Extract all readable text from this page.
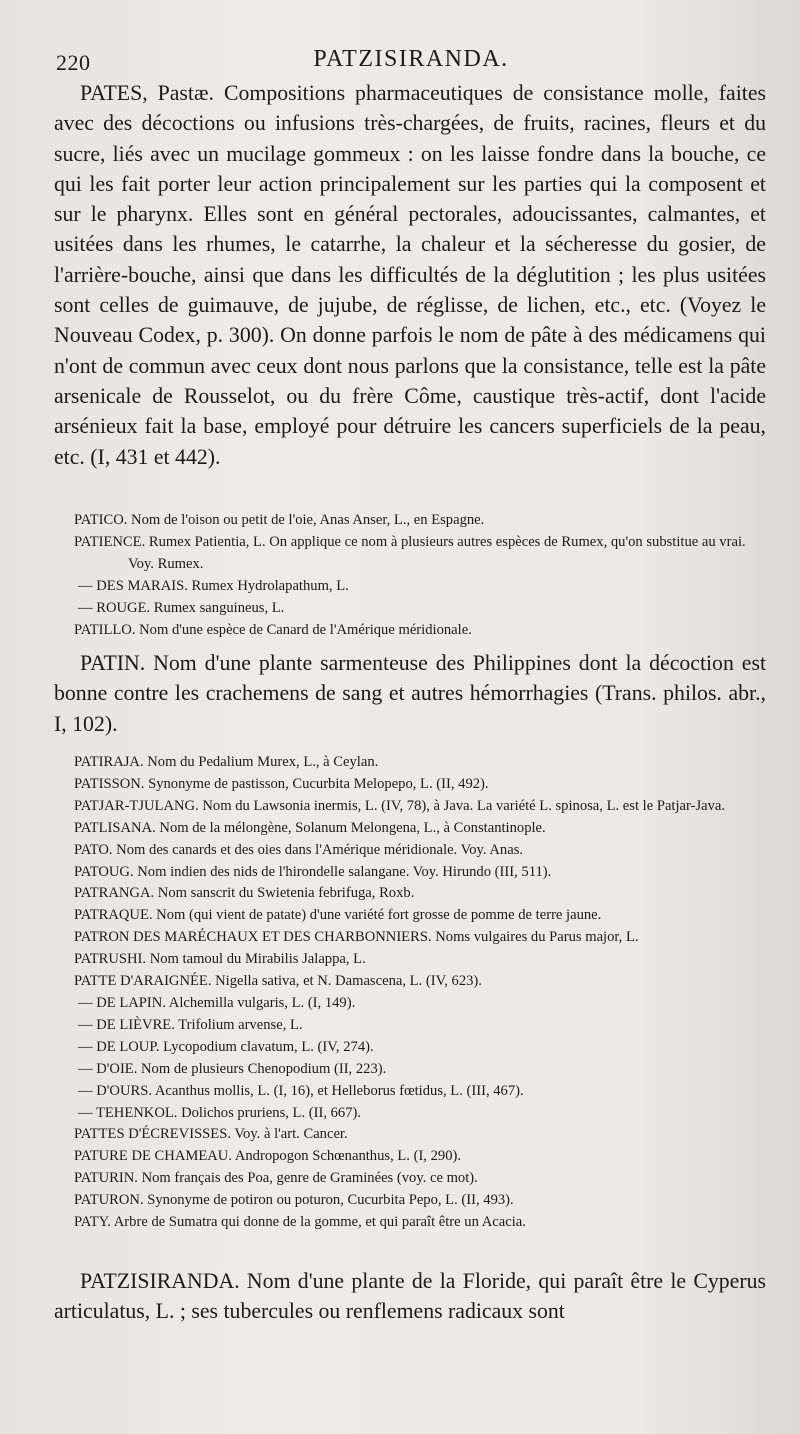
220	PATZISIRANDA.

PATES, Pastæ. Compositions pharmaceutiques de consistance molle, faites avec des décoctions ou infusions très-chargées, de fruits, racines, fleurs et du sucre, liés avec un mucilage gommeux : on les laisse fondre dans la bouche, ce qui les fait porter leur action principalement sur les parties qui la composent et sur le pharynx. Elles sont en général pectorales, adoucissantes, calmantes, et usitées dans les rhumes, le catarrhe, la chaleur et la sécheresse du gosier, de l'arrière-bouche, ainsi que dans les difficultés de la déglutition ; les plus usitées sont celles de guimauve, de jujube, de réglisse, de lichen, etc., etc. (Voyez le Nouveau Codex, p. 300). On donne parfois le nom de pâte à des médicamens qui n'ont de commun avec ceux dont nous parlons que la consistance, telle est la pâte arsenicale de Rousselot, ou du frère Côme, caustique très-actif, dont l'acide arsénieux fait la base, employé pour détruire les cancers superficiels de la peau, etc. (I, 431 et 442).

PATICO. Nom de l'oison ou petit de l'oie, Anas Anser, L., en Espagne.

PATIENCE. Rumex Patientia, L. On applique ce nom à plusieurs autres espèces de Rumex, qu'on substitue au vrai. Voy. Rumex.

— DES MARAIS. Rumex Hydrolapathum, L.

— ROUGE. Rumex sanguineus, L.

PATILLO. Nom d'une espèce de Canard de l'Amérique méridionale.

PATIN. Nom d'une plante sarmenteuse des Philippines dont la décoction est bonne contre les crachemens de sang et autres hémorrhagies (Trans. philos. abr., I, 102).

PATIRAJA. Nom du Pedalium Murex, L., à Ceylan.

PATISSON. Synonyme de pastisson, Cucurbita Melopepo, L. (II, 492).

PATJAR-TJULANG. Nom du Lawsonia inermis, L. (IV, 78), à Java. La variété L. spinosa, L. est le Patjar-Java.

PATLISANA. Nom de la mélongène, Solanum Melongena, L., à Constantinople.

PATO. Nom des canards et des oies dans l'Amérique méridionale. Voy. Anas.

PATOUG. Nom indien des nids de l'hirondelle salangane. Voy. Hirundo (III, 511).

PATRANGA. Nom sanscrit du Swietenia febrifuga, Roxb.

PATRAQUE. Nom (qui vient de patate) d'une variété fort grosse de pomme de terre jaune.

PATRON DES MARÉCHAUX ET DES CHARBONNIERS. Noms vulgaires du Parus major, L.

PATRUSHI. Nom tamoul du Mirabilis Jalappa, L.

PATTE D'ARAIGNÉE. Nigella sativa, et N. Damascena, L. (IV, 623).

— DE LAPIN. Alchemilla vulgaris, L. (I, 149).

— DE LIÈVRE. Trifolium arvense, L.

— DE LOUP. Lycopodium clavatum, L. (IV, 274).

— D'OIE. Nom de plusieurs Chenopodium (II, 223).

— D'OURS. Acanthus mollis, L. (I, 16), et Helleborus fœtidus, L. (III, 467).

— TEHENKOL. Dolichos pruriens, L. (II, 667).

PATTES D'ÉCREVISSES. Voy. à l'art. Cancer.

PATURE DE CHAMEAU. Andropogon Schœnanthus, L. (I, 290).

PATURIN. Nom français des Poa, genre de Graminées (voy. ce mot).

PATURON. Synonyme de potiron ou poturon, Cucurbita Pepo, L. (II, 493).

PATY. Arbre de Sumatra qui donne de la gomme, et qui paraît être un Acacia.

PATZISIRANDA. Nom d'une plante de la Floride, qui paraît être le Cyperus articulatus, L. ; ses tubercules ou renflemens radicaux sont
